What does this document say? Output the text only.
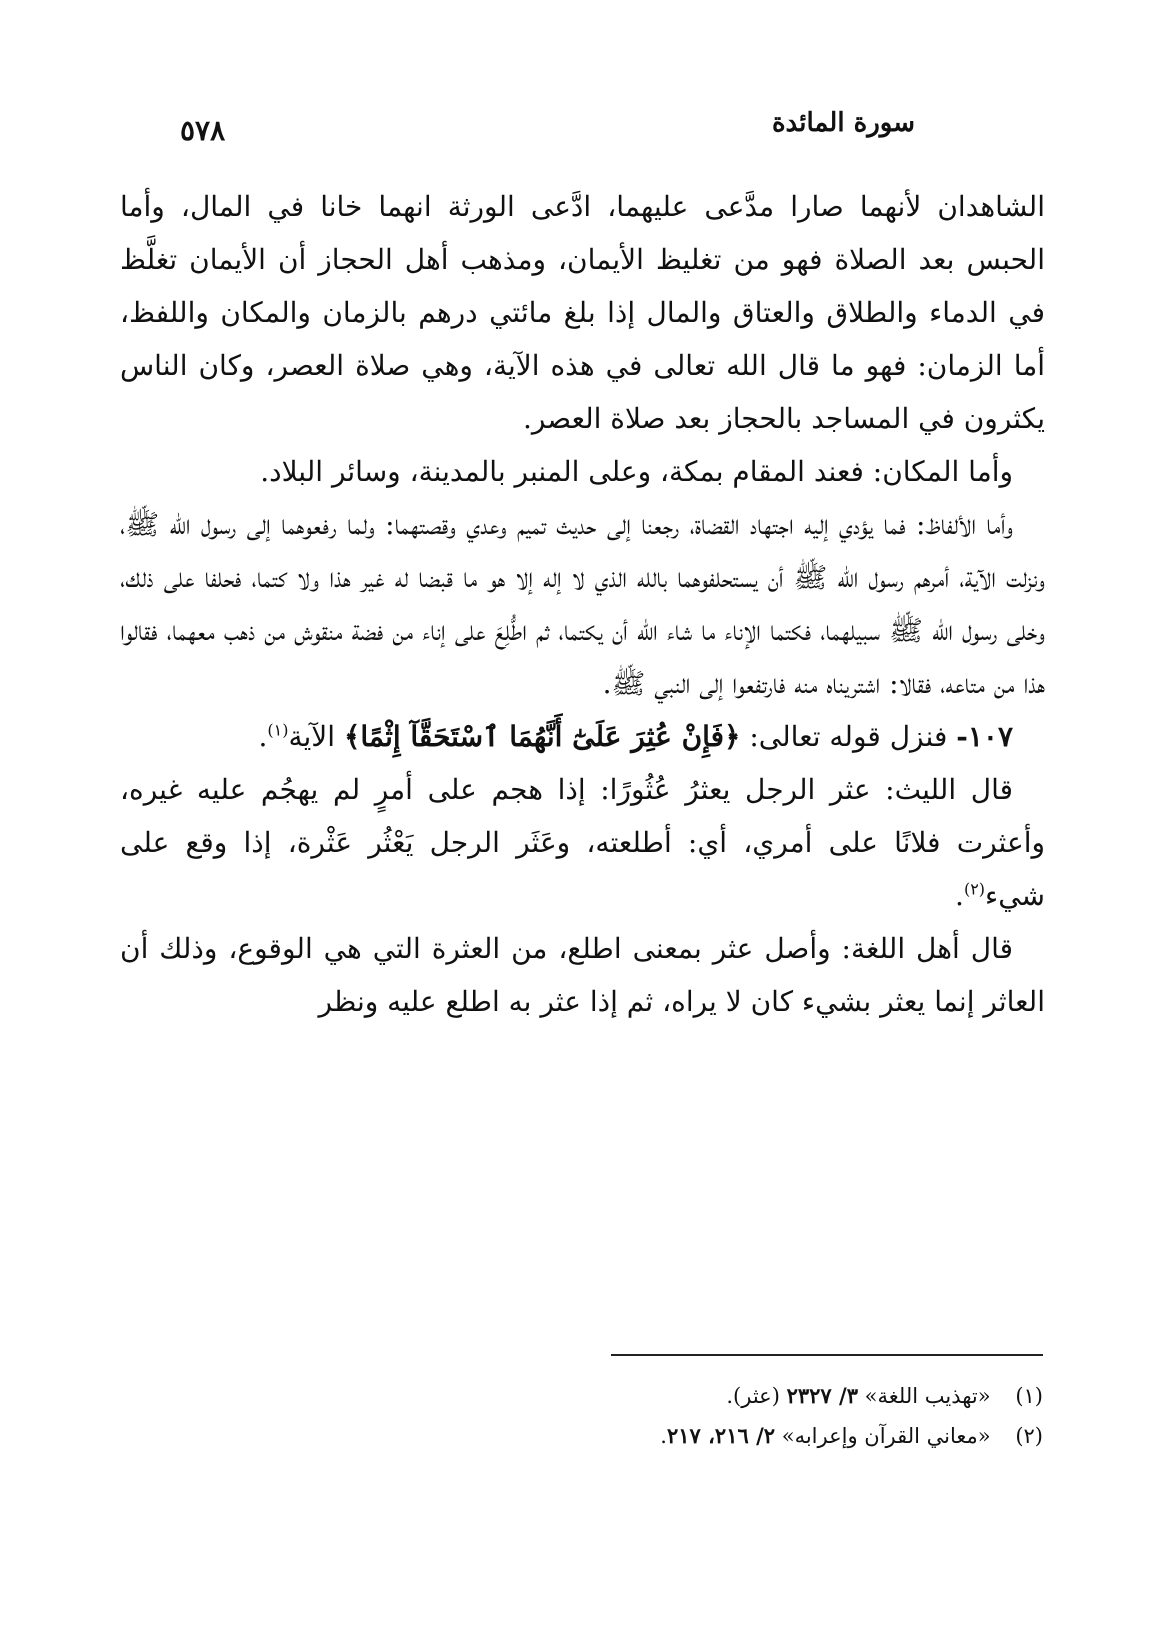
سورة المائدة
٥٧٨

الشاهدان لأنهما صارا مدَّعى عليهما، ادَّعى الورثة انهما خانا في المال، وأما الحبس بعد الصلاة فهو من تغليظ الأيمان، ومذهب أهل الحجاز أن الأيمان تغلَّظ في الدماء والطلاق والعتاق والمال إذا بلغ مائتي درهم بالزمان والمكان واللفظ، أما الزمان: فهو ما قال الله تعالى في هذه الآية، وهي صلاة العصر، وكان الناس يكثرون في المساجد بالحجاز بعد صلاة العصر.

وأما المكان: فعند المقام بمكة، وعلى المنبر بالمدينة، وسائر البلاد.

وأما الألفاظ: فما يؤدي إليه اجتهاد القضاة، رجعنا إلى حديث تميم وعدي وقصتهما: ولما رفعوهما إلى رسول الله ﷺ، ونزلت الآية، أمرهم رسول الله ﷺ أن يستحلفوهما بالله الذي لا إله إلا هو ما قبضا له غير هذا ولا كتما، فحلفا على ذلك، وخلى رسول الله ﷺ سبيلهما، فكتما الإناء ما شاء الله أن يكتما، ثم اطُّلِعَ على إناء من فضة منقوش من ذهب معهما، فقالوا هذا من متاعه، فقالا: اشتريناه منه فارتفعوا إلى النبي ﷺ.

١٠٧- فنزل قوله تعالى: ﴿فَإِنْ عُثِرَ عَلَىٰٓ أَنَّهُمَا ٱسْتَحَقَّآ إِثْمًا﴾ الآية$^{(١)}$.

قال الليث: عثر الرجل يعثرُ عُثُورًا: إذا هجم على أمرٍ لم يهجُم عليه غيره، وأعثرت فلانًا على أمري، أي: أطلعته، وعَثَر الرجل يَعْثُر عَثْرة، إذا وقع على شيء$^{(٢)}$.

قال أهل اللغة: وأصل عثر بمعنى اطلع، من العثرة التي هي الوقوع، وذلك أن العاثر إنما يعثر بشيء كان لا يراه، ثم إذا عثر به اطلع عليه ونظر

(١) «تهذيب اللغة» ٣/ ٢٣٢٧ (عثر).

(٢) «معاني القرآن وإعرابه» ٢/ ٢١٦، ٢١٧.
